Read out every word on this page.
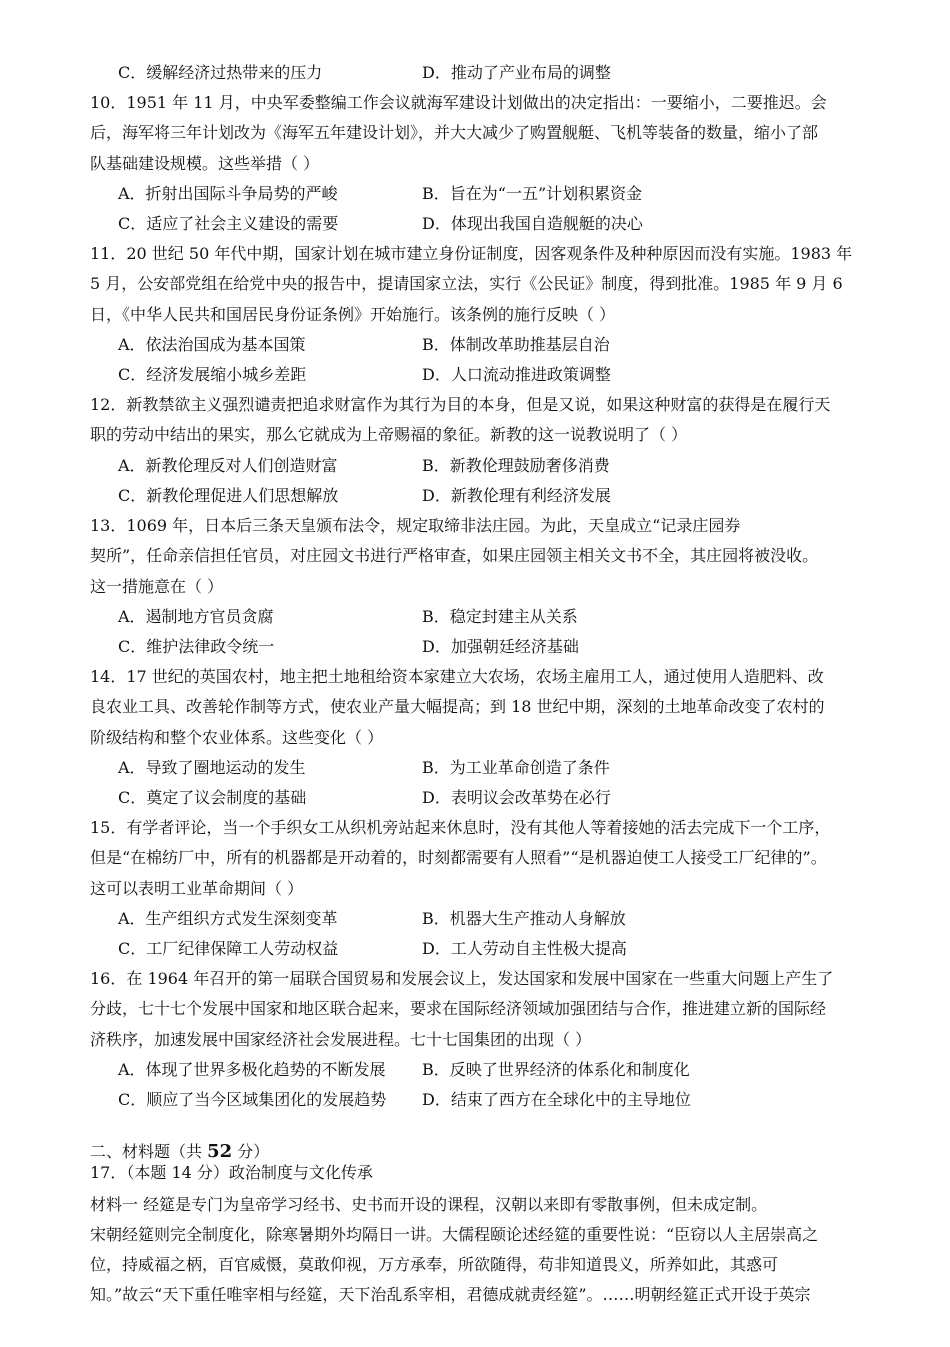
C．缓解经济过热带来的压力	D．推动了产业布局的调整
10．1951 年 11 月，中央军委整编工作会议就海军建设计划做出的决定指出：一要缩小，二要推迟。会
后，海军将三年计划改为《海军五年建设计划》，并大大减少了购置舰艇、飞机等装备的数量，缩小了部
队基础建设规模。这些举措（ ）
A．折射出国际斗争局势的严峻	B．旨在为“一五”计划积累资金
C．适应了社会主义建设的需要	D．体现出我国自造舰艇的决心
11．20 世纪 50 年代中期，国家计划在城市建立身份证制度，因客观条件及种种原因而没有实施。1983 年
5 月，公安部党组在给党中央的报告中，提请国家立法，实行《公民证》制度，得到批准。1985 年 9 月 6
日，《中华人民共和国居民身份证条例》开始施行。该条例的施行反映（ ）
A．依法治国成为基本国策	B．体制改革助推基层自治
C．经济发展缩小城乡差距	D．人口流动推进政策调整
12．新教禁欲主义强烈谴责把追求财富作为其行为目的本身，但是又说，如果这种财富的获得是在履行天
职的劳动中结出的果实，那么它就成为上帝赐福的象征。新教的这一说教说明了（ ）
A．新教伦理反对人们创造财富	B．新教伦理鼓励奢侈消费
C．新教伦理促进人们思想解放	D．新教伦理有利经济发展
13．1069 年，日本后三条天皇颁布法令，规定取缔非法庄园。为此，天皇成立“记录庄园券
契所”，任命亲信担任官员，对庄园文书进行严格审查，如果庄园领主相关文书不全，其庄园将被没收。
这一措施意在（ ）
A．遏制地方官员贪腐	B．稳定封建主从关系
C．维护法律政令统一	D．加强朝廷经济基础
14．17 世纪的英国农村，地主把土地租给资本家建立大农场，农场主雇用工人，通过使用人造肥料、改
良农业工具、改善轮作制等方式，使农业产量大幅提高；到 18 世纪中期，深刻的土地革命改变了农村的
阶级结构和整个农业体系。这些变化（ ）
A．导致了圈地运动的发生	B．为工业革命创造了条件
C．奠定了议会制度的基础	D．表明议会改革势在必行
15．有学者评论，当一个手织女工从织机旁站起来休息时，没有其他人等着接她的活去完成下一个工序，
但是“在棉纺厂中，所有的机器都是开动着的，时刻都需要有人照看”“是机器迫使工人接受工厂纪律的”。
这可以表明工业革命期间（ ）
A．生产组织方式发生深刻变革	B．机器大生产推动人身解放
C．工厂纪律保障工人劳动权益	D．工人劳动自主性极大提高
16．在 1964 年召开的第一届联合国贸易和发展会议上，发达国家和发展中国家在一些重大问题上产生了
分歧，七十七个发展中国家和地区联合起来，要求在国际经济领域加强团结与合作，推进建立新的国际经
济秩序，加速发展中国家经济社会发展进程。七十七国集团的出现（ ）
A．体现了世界多极化趋势的不断发展 B．反映了世界经济的体系化和制度化
C．顺应了当今区域集团化的发展趋势 D．结束了西方在全球化中的主导地位
二、材料题（共 52 分）
17．（本题 14 分）政治制度与文化传承
材料一 经筵是专门为皇帝学习经书、史书而开设的课程，汉朝以来即有零散事例，但未成定制。
宋朝经筵则完全制度化，除寒暑期外均隔日一讲。大儒程颐论述经筵的重要性说：“臣窃以人主居崇高之
位，持威福之柄，百官威慑，莫敢仰视，万方承奉，所欲随得，苟非知道畏义，所养如此，其惑可
知。”故云“天下重任唯宰相与经筵，天下治乱系宰相，君德成就责经筵”。……明朝经筵正式开设于英宗
